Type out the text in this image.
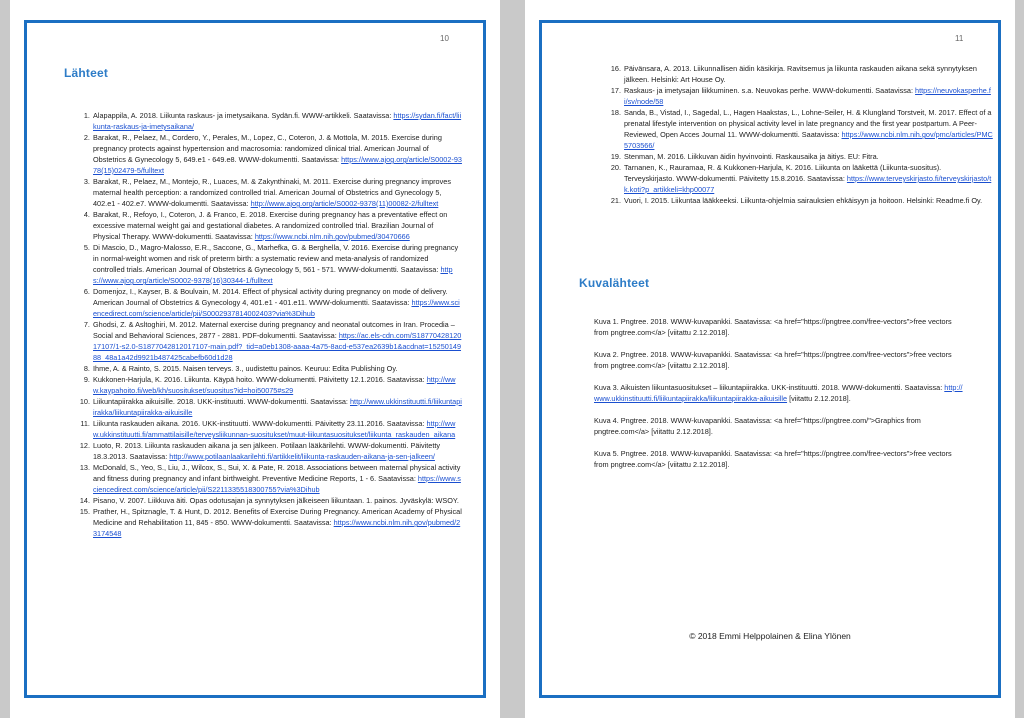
10
Lähteet
1. Alapappila, A. 2018. Liikunta raskaus- ja imetysaikana. Sydän.fi. WWW-artikkeli. Saatavissa: https://sydan.fi/fact/liikunta-raskaus-ja-imetysaikana/
2. Barakat, R., Pelaez, M., Cordero, Y., Perales, M., Lopez, C., Coteron, J. & Mottola, M. 2015. Exercise during pregnancy protects against hypertension and macrosomia: randomized clinical trial. American Journal of Obstetrics & Gynecology 5, 649.e1 - 649.e8. WWW-dokumentti. Saatavissa: https://www.ajog.org/article/S0002-9378(15)02479-5/fulltext
3. Barakat, R., Pelaez, M., Montejo, R., Luaces, M. & Zakynthinaki, M. 2011. Exercise during pregnancy improves maternal health perception: a randomized controlled trial. American Journal of Obstetrics and Gynecology 5, 402.e1 - 402.e7. WWW-dokumentti. Saatavissa: http://www.ajog.org/article/S0002-9378(11)00082-2/fulltext
4. Barakat, R., Refoyo, I., Coteron, J. & Franco, E. 2018. Exercise during pregnancy has a preventative effect on excessive maternal weight gai and gestational diabetes. A randomized controlled trial. Brazilian Journal of Physical Therapy. WWW-dokumentti. Saatavissa: https://www.ncbi.nlm.nih.gov/pubmed/30470666
5. Di Mascio, D., Magro-Malosso, E.R., Saccone, G., Marhefka, G. & Berghella, V. 2016. Exercise during pregnancy in normal-weight women and risk of preterm birth: a systematic review and meta-analysis of randomized controlled trials. American Journal of Obstetrics & Gynecology 5, 561 - 571. WWW-dokumentti. Saatavissa: https://www.ajog.org/article/S0002-9378(16)30344-1/fulltext
6. Domenjoz, I., Kayser, B. & Boulvain, M. 2014. Effect of physical activity during pregnancy on mode of delivery. American Journal of Obstetrics & Gynecology 4, 401.e1 - 401.e11. WWW-dokumentti. Saatavissa: https://www.sciencedirect.com/science/article/pii/S0002937814002403?via%3Dihub
7. Ghodsi, Z. & Asltoghiri, M. 2012. Maternal exercise during pregnancy and neonatal outcomes in Iran. Procedia – Social and Behavioral Sciences, 2877 - 2881. PDF-dokumentti. Saatavissa: https://ac.els-cdn.com/S1877042812017107/1-s2.0-S1877042812017107-main.pdf?_tid=a0eb1308-aaaa-4a75-8acd-e537ea2639b1&acdnat=1525014988_48a1a42d9921b487425cabefb60d1d28
8. Ihme, A. & Rainto, S. 2015. Naisen terveys. 3., uudistettu painos. Keuruu: Edita Publishing Oy.
9. Kukkonen-Harjula, K. 2016. Liikunta. Käypä hoito. WWW-dokumentti. Päivitetty 12.1.2016. Saatavissa: http://www.kaypahoito.fi/web/kh/suositukset/suositus?id=hoi50075#s29
10. Liikuntapiirakka aikuisille. 2018. UKK-instituutti. WWW-dokumentti. Saatavissa: http://www.ukkinstituutti.fi/liikuntapiirakka/liikuntapiirakka-aikuisille
11. Liikunta raskauden aikana. 2016. UKK-instituutti. WWW-dokumentti. Päivitetty 23.11.2016. Saatavissa: http://www.ukkinstituutti.fi/ammattilaisille/terveysliikunnan-suositukset/muut-liikuntasuositukset/liikunta_raskauden_aikana
12. Luoto, R. 2013. Liikunta raskauden aikana ja sen jälkeen. Potilaan lääkärilehti. WWW-dokumentti. Päivitetty 18.3.2013. Saatavissa: http://www.potilaanlaakarilehti.fi/artikkelit/liikunta-raskauden-aikana-ja-sen-jalkeen/
13. McDonald, S., Yeo, S., Liu, J., Wilcox, S., Sui, X. & Pate, R. 2018. Associations between maternal physical activity and fitness during pregnancy and infant birthweight. Preventive Medicine Reports, 1 - 6. Saatavissa: https://www.sciencedirect.com/science/article/pii/S2211335518300755?via%3Dihub
14. Pisano, V. 2007. Liikkuva äiti. Opas odotusajan ja synnytyksen jälkeiseen liikuntaan. 1. painos. Jyväskylä: WSOY.
15. Prather, H., Spitznagle, T. & Hunt, D. 2012. Benefits of Exercise During Pregnancy. American Academy of Physical Medicine and Rehabilitation 11, 845 - 850. WWW-dokumentti. Saatavissa: https://www.ncbi.nlm.nih.gov/pubmed/23174548
11
16. Päivänsara, A. 2013. Liikunnallisen äidin käsikirja. Ravitsemus ja liikunta raskauden aikana sekä synnytyksen jälkeen. Helsinki: Art House Oy.
17. Raskaus- ja imetysajan liikkuminen. s.a. Neuvokas perhe. WWW-dokumentti. Saatavissa: https://neuvokasperhe.fi/sv/node/58
18. Sanda, B., Vistad, I., Sagedal, L., Hagen Haakstas, L., Lohne-Seiler, H. & Klungland Torstveit, M. 2017. Effect of a prenatal lifestyle intervention on physical activity level in late pregnancy and the first year postpartum. A Peer-Reviewed, Open Acces Journal 11. WWW-dokumentti. Saatavissa: https://www.ncbi.nlm.nih.gov/pmc/articles/PMC5703566/
19. Stenman, M. 2016. Liikkuvan äidin hyvinvointi. Raskausaika ja äitiys. EU: Fitra.
20. Tarnanen, K., Rauramaa, R. & Kukkonen-Harjula, K. 2016. Liikunta on lääkettä (Liikunta-suositus). Terveyskirjasto. WWW-dokumentti. Päivitetty 15.8.2016. Saatavissa: https://www.terveyskirjasto.fi/terveyskirjasto/tk.koti?p_artikkeli=khp00077
21. Vuori, I. 2015. Liikuntaa lääkkeeksi. Liikunta-ohjelmia sairauksien ehkäisyyn ja hoitoon. Helsinki: Readme.fi Oy.
Kuvalähteet

Kuva 1. Pngtree. 2018. WWW-kuvapankki. Saatavissa: <a href="https://pngtree.com/free-vectors">free vectors from pngtree.com</a> [viitattu 2.12.2018].

Kuva 2. Pngtree. 2018. WWW-kuvapankki. Saatavissa: <a href="https://pngtree.com/free-vectors">free vectors from pngtree.com</a> [viitattu 2.12.2018].

Kuva 3. Aikuisten liikuntasuositukset – liikuntapiirakka. UKK-instituutti. 2018. WWW-dokumentti. Saatavissa: http://www.ukkinstituutti.fi/liikuntapiirakka/liikuntapiirakka-aikuisille [viitattu 2.12.2018].

Kuva 4. Pngtree. 2018. WWW-kuvapankki. Saatavissa: <a href="https://pngtree.com/">Graphics from pngtree.com</a> [viitattu 2.12.2018].

Kuva 5. Pngtree. 2018. WWW-kuvapankki. Saatavissa: <a href="https://pngtree.com/free-vectors">free vectors from pngtree.com</a> [viitattu 2.12.2018].

© 2018 Emmi Helppolainen & Elina Ylönen
